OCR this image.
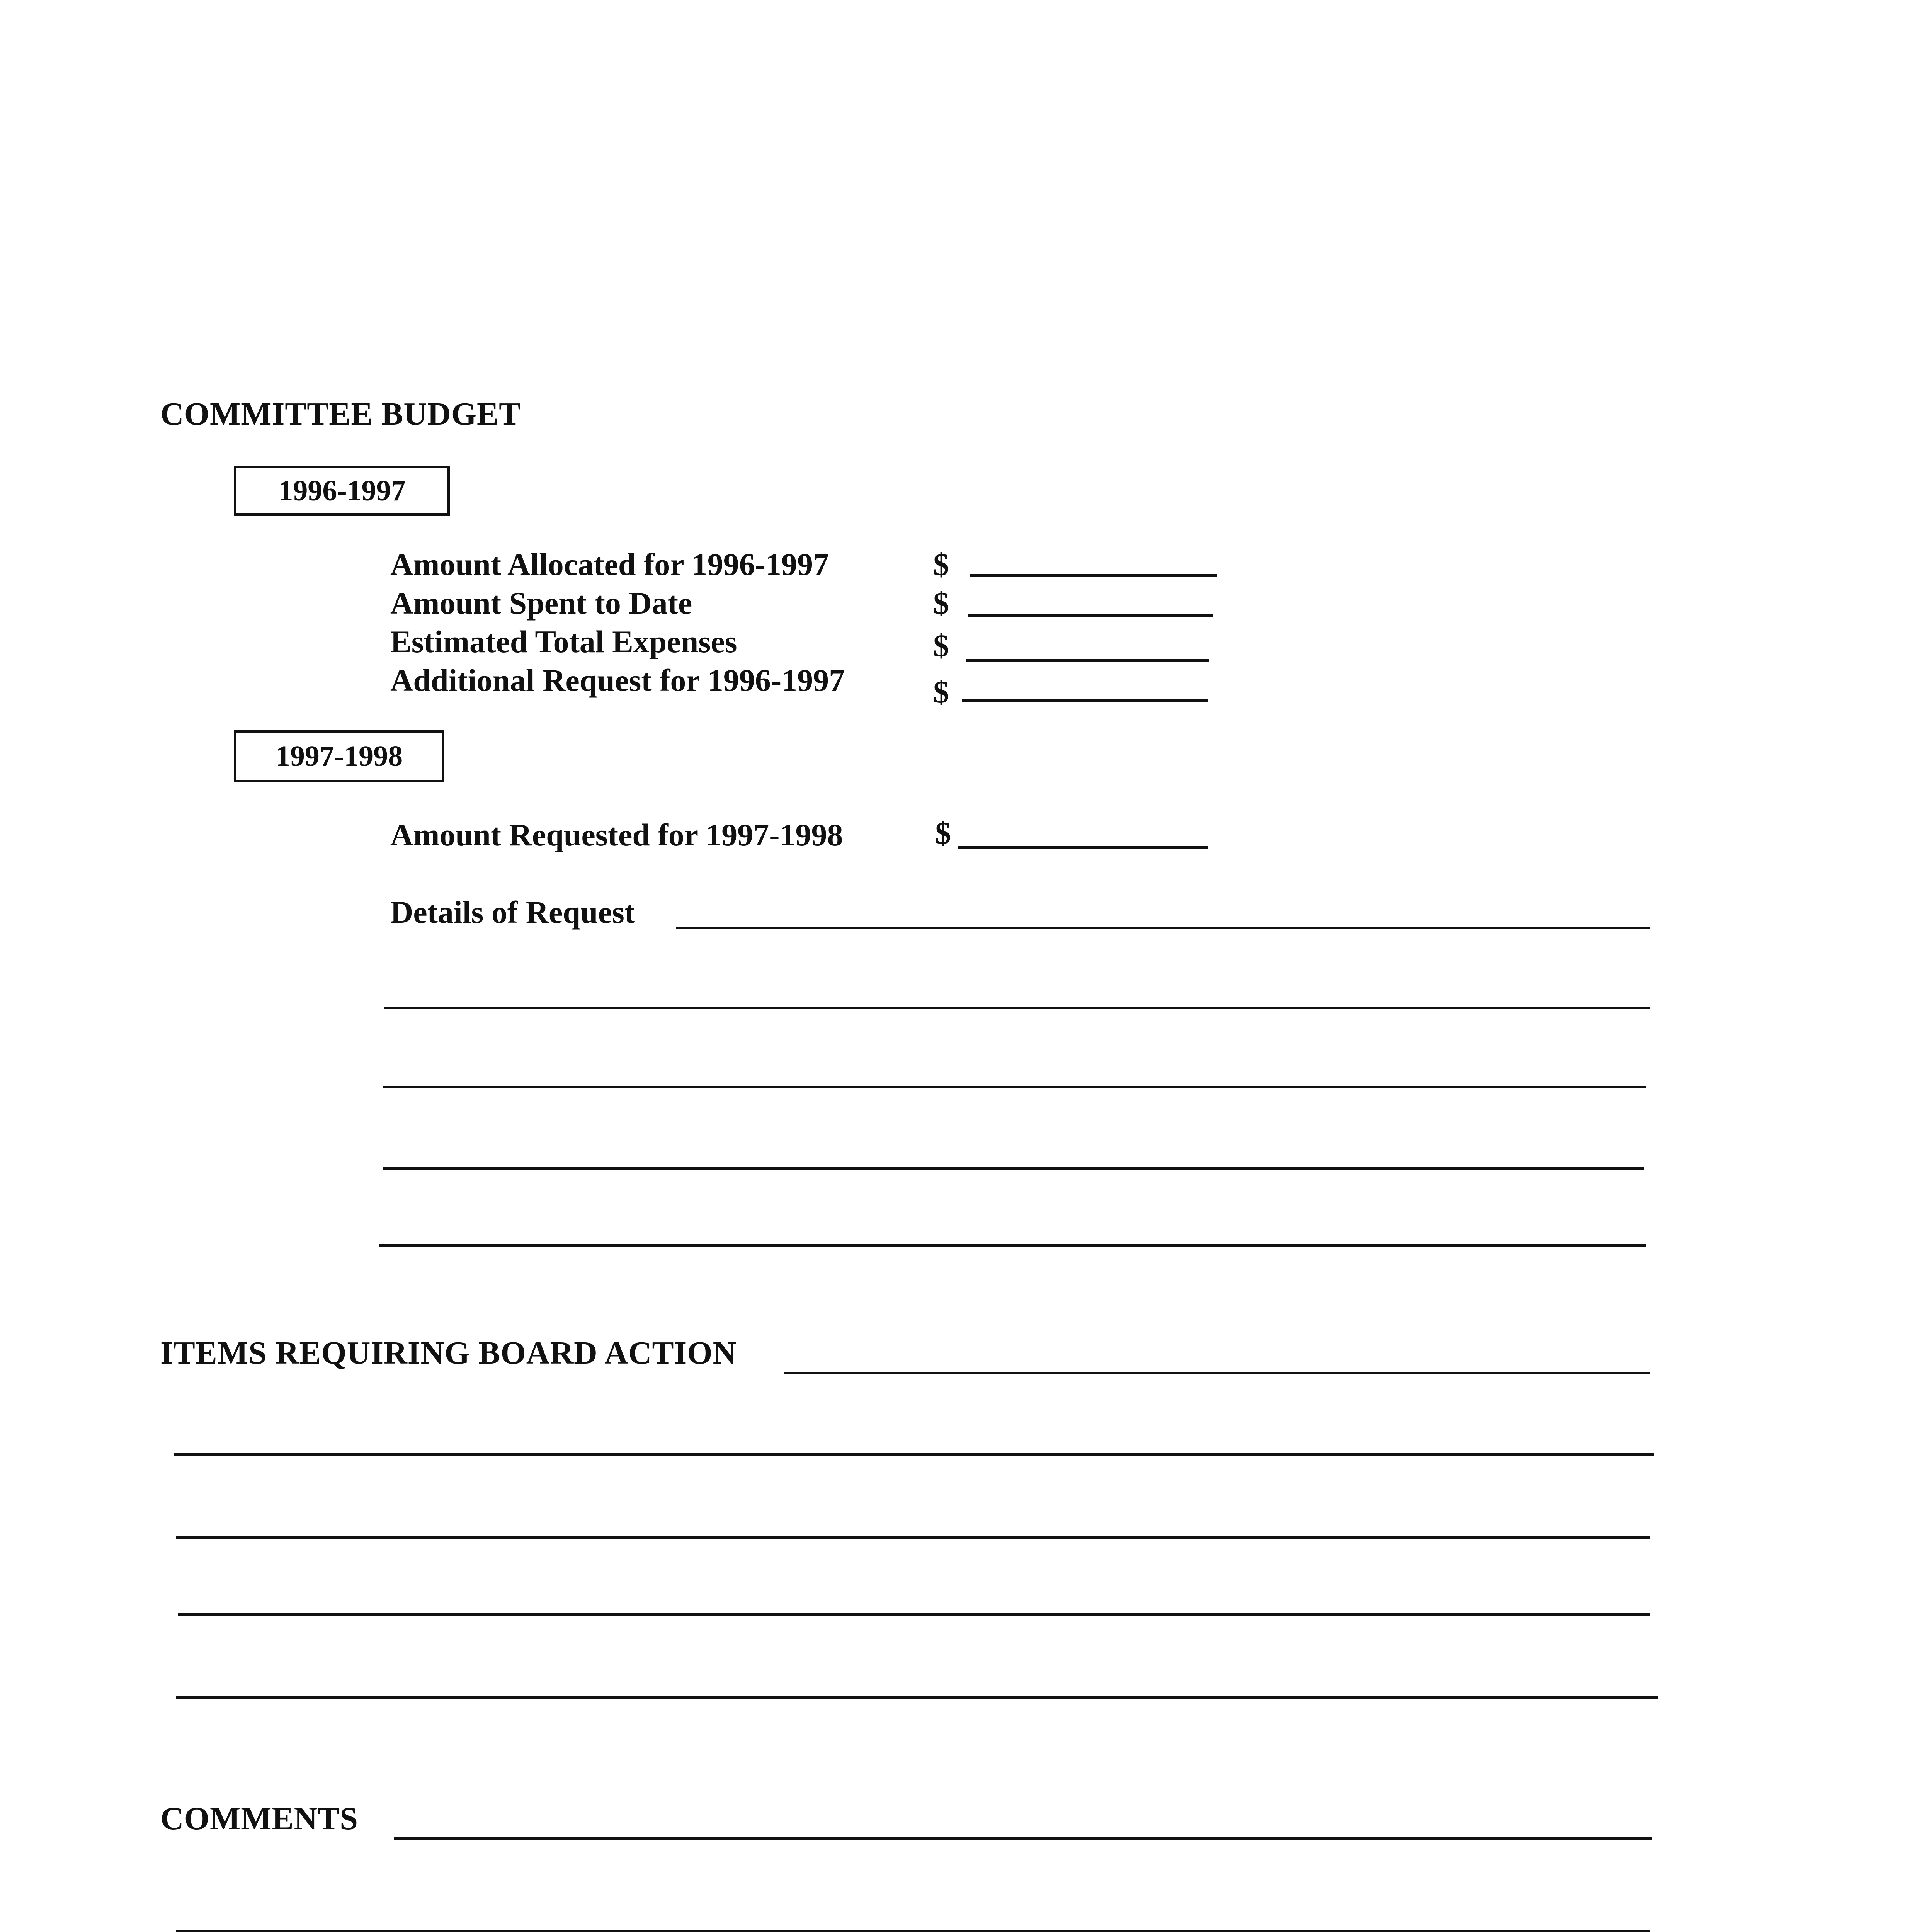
COMMITTEE BUDGET
1996-1997
Amount Allocated for 1996-1997	$
Amount Spent to Date	$
Estimated Total Expenses	$
Additional Request for 1996-1997	$
1997-1998
Amount Requested for 1997-1998	$
Details of Request
ITEMS REQUIRING BOARD ACTION
COMMENTS
